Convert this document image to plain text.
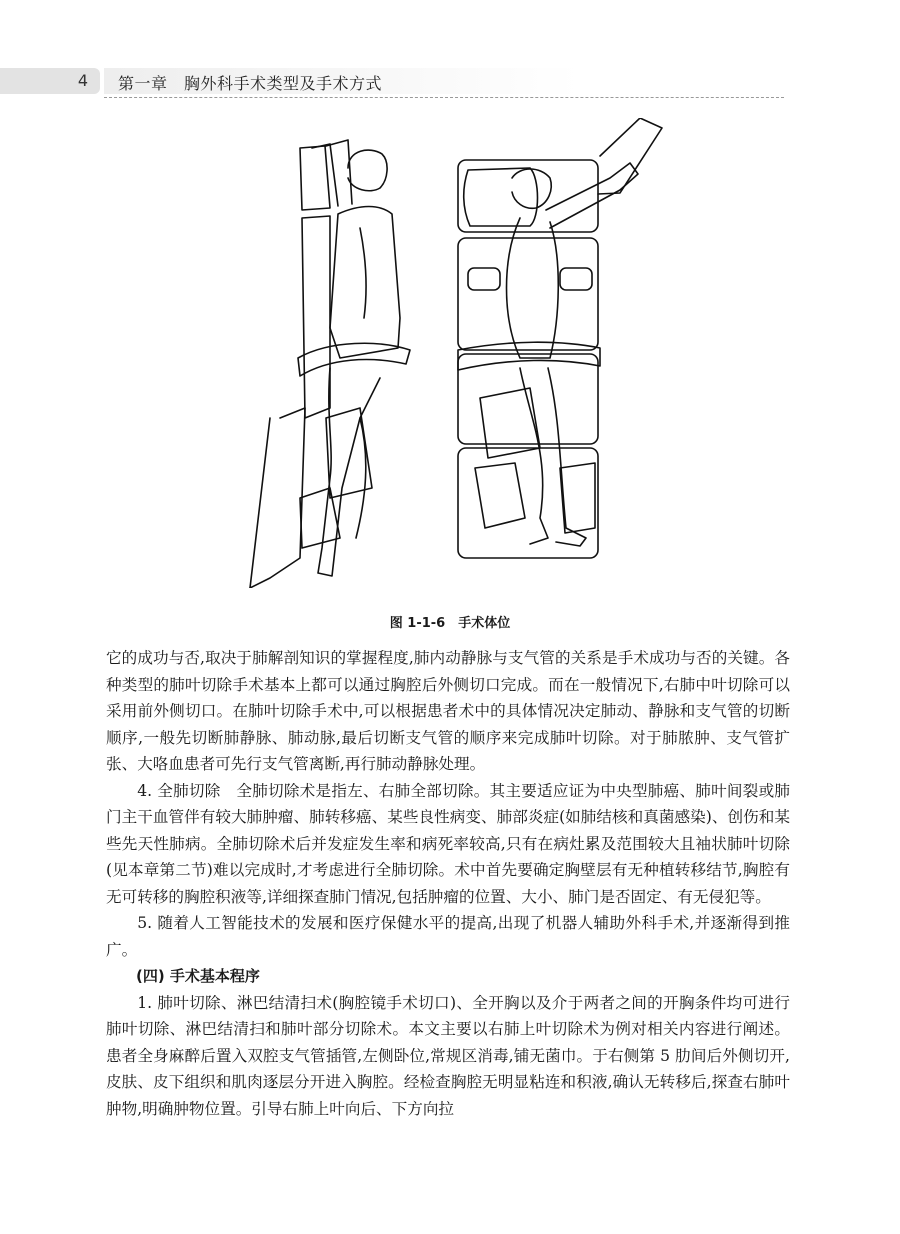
4 第一章　胸外科手术类型及手术方式
图 1-1-6　手术体位

它的成功与否,取决于肺解剖知识的掌握程度,肺内动静脉与支气管的关系是手术成功与否的关键。各种类型的肺叶切除手术基本上都可以通过胸腔后外侧切口完成。而在一般情况下,右肺中叶切除可以采用前外侧切口。在肺叶切除手术中,可以根据患者术中的具体情况决定肺动、静脉和支气管的切断顺序,一般先切断肺静脉、肺动脉,最后切断支气管的顺序来完成肺叶切除。对于肺脓肿、支气管扩张、大咯血患者可先行支气管离断,再行肺动静脉处理。

4. 全肺切除　全肺切除术是指左、右肺全部切除。其主要适应证为中央型肺癌、肺叶间裂或肺门主干血管伴有较大肺肿瘤、肺转移癌、某些良性病变、肺部炎症(如肺结核和真菌感染)、创伤和某些先天性肺病。全肺切除术后并发症发生率和病死率较高,只有在病灶累及范围较大且袖状肺叶切除(见本章第二节)难以完成时,才考虑进行全肺切除。术中首先要确定胸壁层有无种植转移结节,胸腔有无可转移的胸腔积液等,详细探查肺门情况,包括肿瘤的位置、大小、肺门是否固定、有无侵犯等。

5. 随着人工智能技术的发展和医疗保健水平的提高,出现了机器人辅助外科手术,并逐渐得到推广。

(四) 手术基本程序

1. 肺叶切除、淋巴结清扫术(胸腔镜手术切口)、全开胸以及介于两者之间的开胸条件均可进行肺叶切除、淋巴结清扫和肺叶部分切除术。本文主要以右肺上叶切除术为例对相关内容进行阐述。患者全身麻醉后置入双腔支气管插管,左侧卧位,常规区消毒,铺无菌巾。于右侧第 5 肋间后外侧切开,皮肤、皮下组织和肌肉逐层分开进入胸腔。经检查胸腔无明显粘连和积液,确认无转移后,探查右肺叶肿物,明确肿物位置。引导右肺上叶向后、下方向拉
